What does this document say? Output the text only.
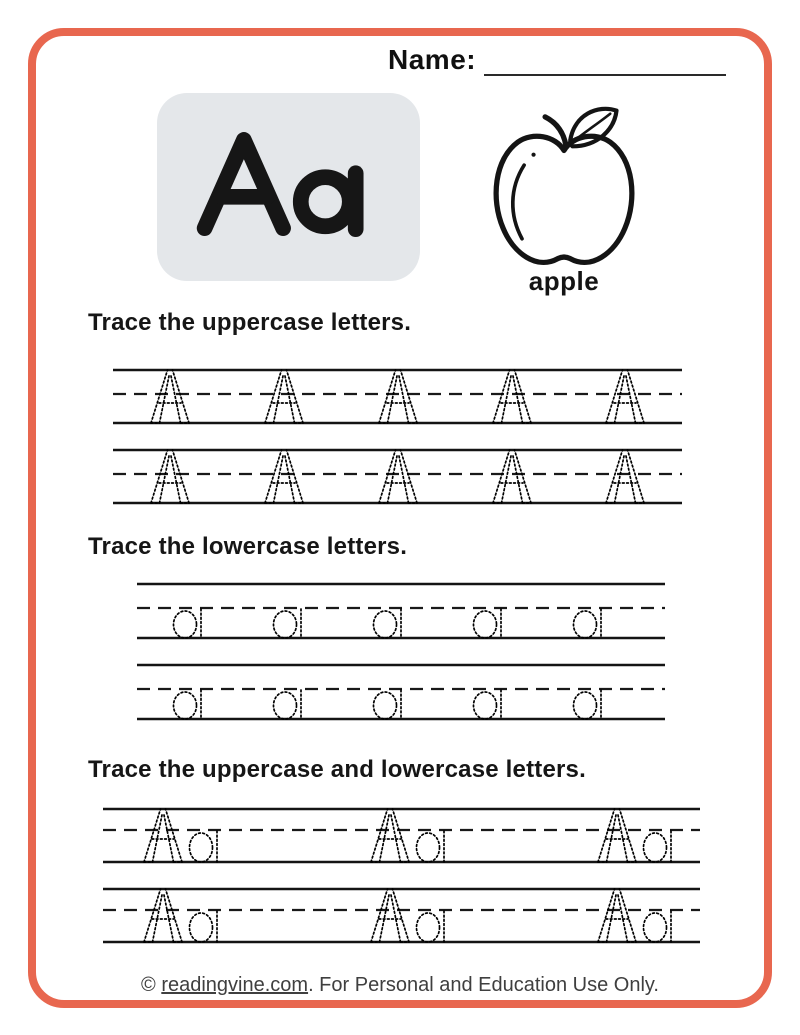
Name:
apple
Trace the uppercase letters.
Trace the lowercase letters.
Trace the uppercase and lowercase letters.
© readingvine.com. For Personal and Education Use Only.
